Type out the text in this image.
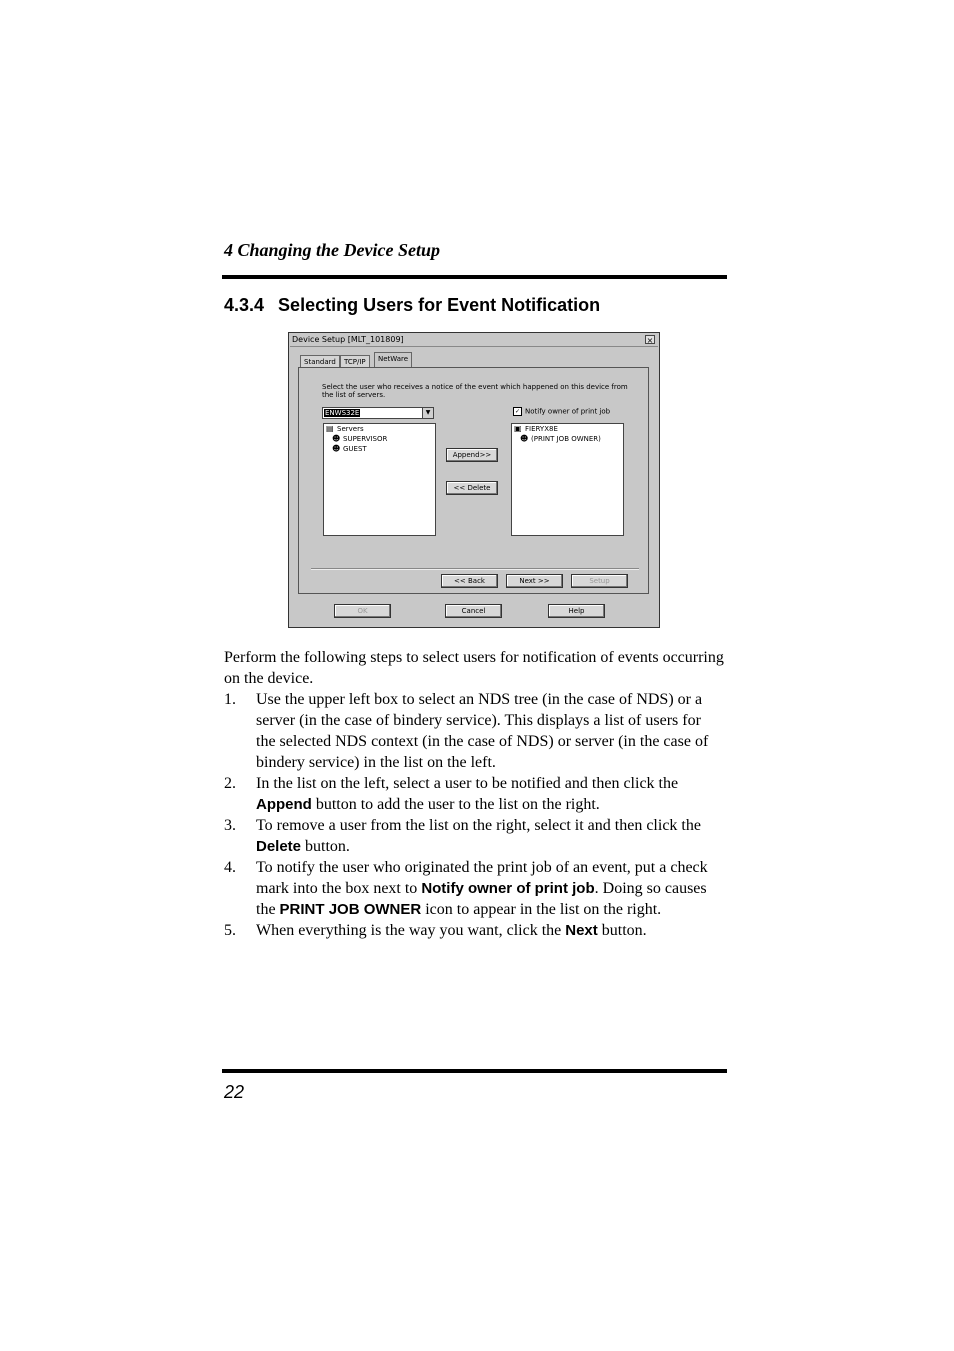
4 Changing the Device Setup
4.3.4 Selecting Users for Event Notification
Device Setup [MLT_101809]	×
Standard	TCP/IP	NetWare
Select the user who receives a notice of the event which happened on this device from the list of servers.
ENWS32E	▼	✓ Notify owner of print job
▤ Servers
☻ SUPERVISOR
☻ GUEST
Append>>
<< Delete
▣ FIERYX8E
☻ (PRINT JOB OWNER)
<< Back	Next >>	Setup
OK	Cancel	Help

Perform the following steps to select users for notification of events occurring on the device.

1. Use the upper left box to select an NDS tree (in the case of NDS) or a server (in the case of bindery service). This displays a list of users for the selected NDS context (in the case of NDS) or server (in the case of bindery service) in the list on the left.
2. In the list on the left, select a user to be notified and then click the Append button to add the user to the list on the right.
3. To remove a user from the list on the right, select it and then click the Delete button.
4. To notify the user who originated the print job of an event, put a check mark into the box next to Notify owner of print job. Doing so causes the PRINT JOB OWNER icon to appear in the list on the right.
5. When everything is the way you want, click the Next button.
22
